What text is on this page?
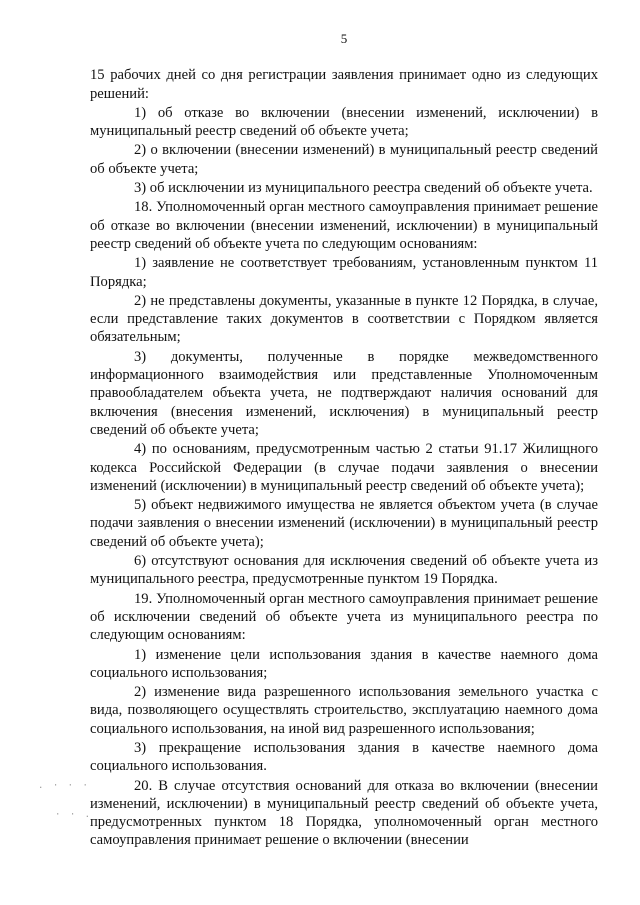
5

15 рабочих дней со дня регистрации заявления принимает одно из следующих решений:

1) об отказе во включении (внесении изменений, исключении) в муниципальный реестр сведений об объекте учета;

2) о включении (внесении изменений) в муниципальный реестр сведений об объекте учета;

3) об исключении из муниципального реестра сведений об объекте учета.

18. Уполномоченный орган местного самоуправления принимает решение об отказе во включении (внесении изменений, исключении) в муниципальный реестр сведений об объекте учета по следующим основаниям:

1) заявление не соответствует требованиям, установленным пунктом 11 Порядка;

2) не представлены документы, указанные в пункте 12 Порядка, в случае, если представление таких документов в соответствии с Порядком является обязательным;

3) документы, полученные в порядке межведомственного информационного взаимодействия или представленные Уполномоченным правообладателем объекта учета, не подтверждают наличия оснований для включения (внесения изменений, исключения) в муниципальный реестр сведений об объекте учета;

4) по основаниям, предусмотренным частью 2 статьи 91.17 Жилищного кодекса Российской Федерации (в случае подачи заявления о внесении изменений (исключении) в муниципальный реестр сведений об объекте учета);

5) объект недвижимого имущества не является объектом учета (в случае подачи заявления о внесении изменений (исключении) в муниципальный реестр сведений об объекте учета);

6) отсутствуют основания для исключения сведений об объекте учета из муниципального реестра, предусмотренные пунктом 19 Порядка.

19. Уполномоченный орган местного самоуправления принимает решение об исключении сведений об объекте учета из муниципального реестра по следующим основаниям:

1) изменение цели использования здания в качестве наемного дома социального использования;

2) изменение вида разрешенного использования земельного участка с вида, позволяющего осуществлять строительство, эксплуатацию наемного дома социального использования, на иной вид разрешенного использования;

3) прекращение использования здания в качестве наемного дома социального использования.

20. В случае отсутствия оснований для отказа во включении (внесении изменений, исключении) в муниципальный реестр сведений об объекте учета, предусмотренных пунктом 18 Порядка, уполномоченный орган местного самоуправления принимает решение о включении (внесении

. · · ·
· · .
